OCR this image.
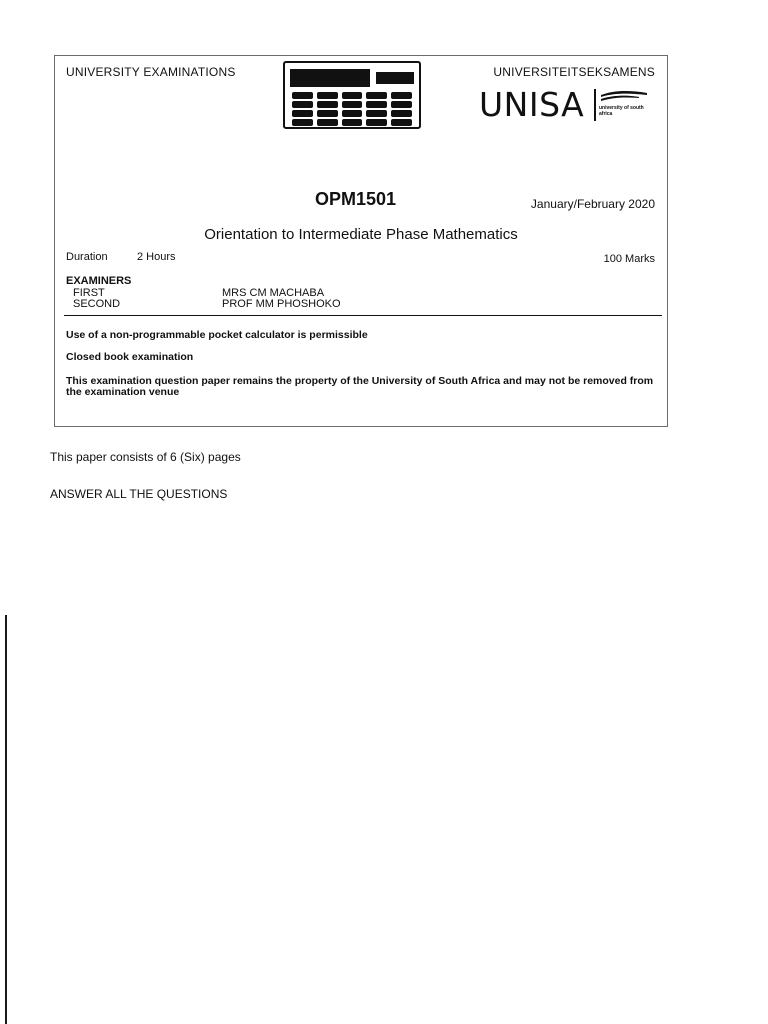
UNIVERSITY EXAMINATIONS	UNIVERSITEITSEKSAMENS
UNISA	university of south africa
OPM1501	January/February 2020
Orientation to Intermediate Phase Mathematics
Duration	2 Hours	100 Marks
EXAMINERS
FIRST	MRS CM MACHABA
SECOND	PROF MM PHOSHOKO
Use of a non-programmable pocket calculator is permissible
Closed book examination
This examination question paper remains the property of the University of South Africa and may not be removed from the examination venue
This paper consists of 6 (Six) pages
ANSWER ALL THE QUESTIONS
